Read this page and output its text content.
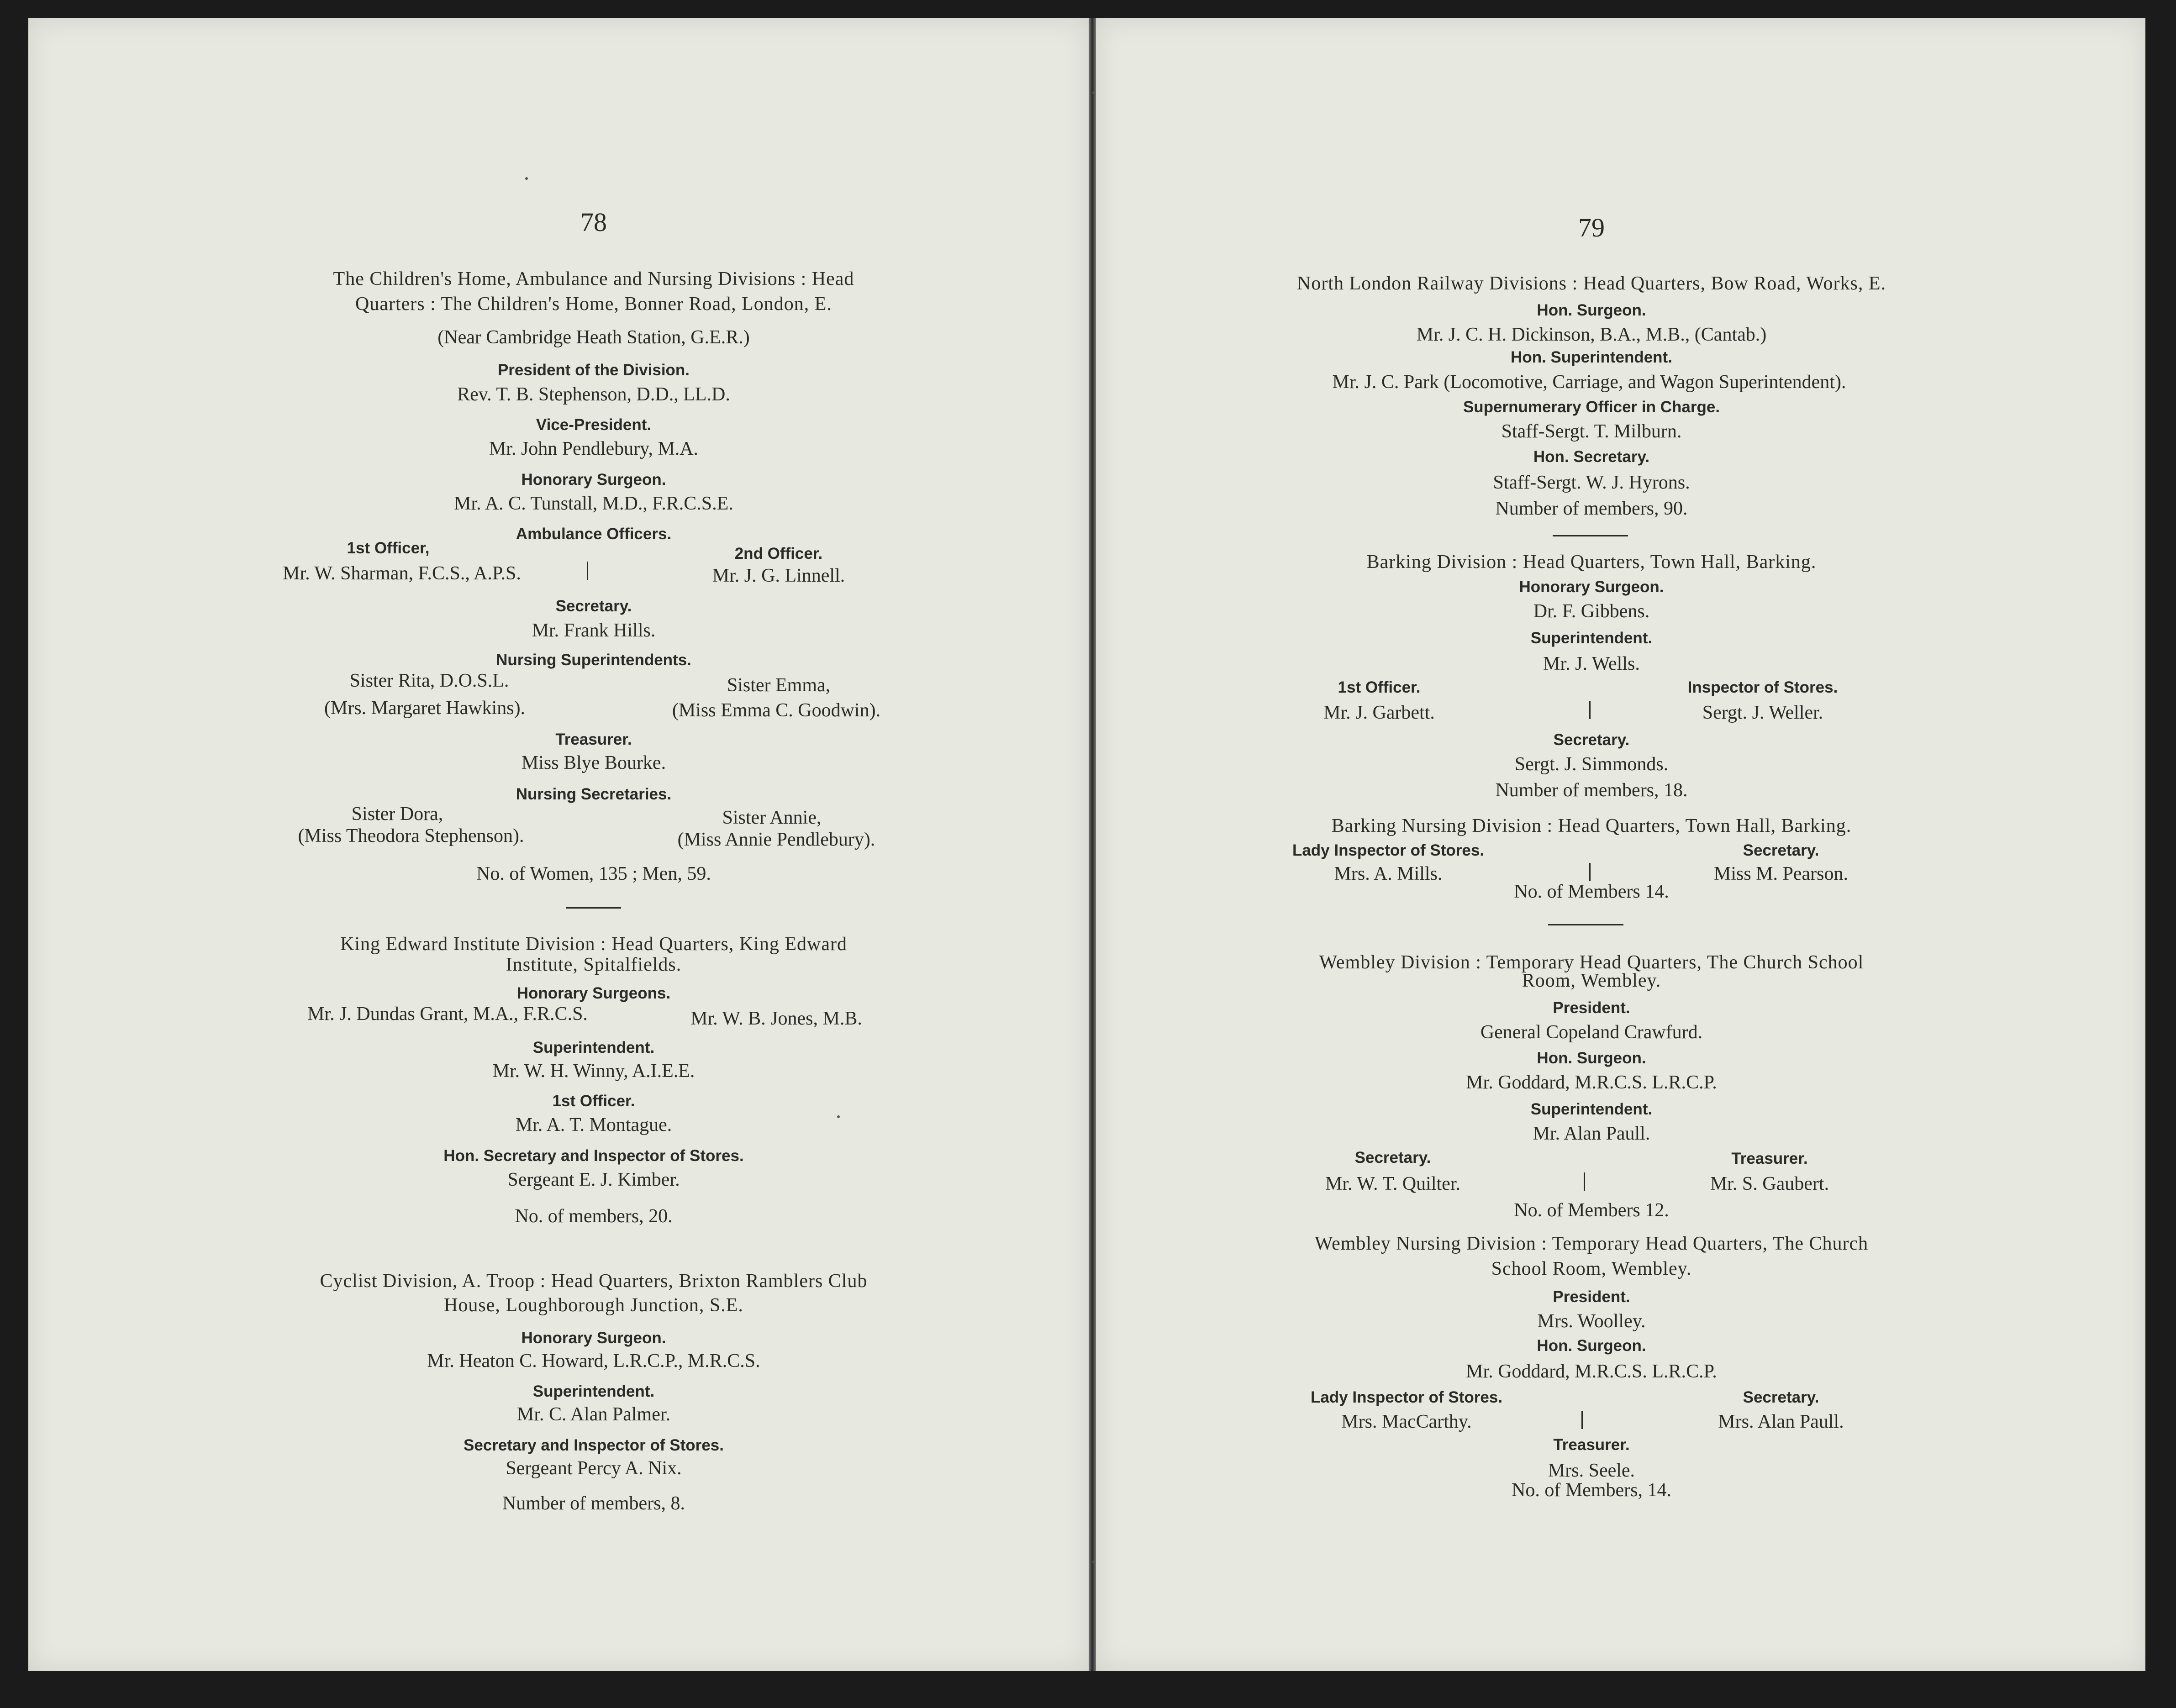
78
The Children's Home, Ambulance and Nursing Divisions : Head
Quarters : The Children's Home, Bonner Road, London, E.
(Near Cambridge Heath Station, G.E.R.)
President of the Division.
Rev. T. B. Stephenson, D.D., LL.D.
Vice-President.
Mr. John Pendlebury, M.A.
Honorary Surgeon.
Mr. A. C. Tunstall, M.D., F.R.C.S.E.
Ambulance Officers.
1st Officer,
Mr. W. Sharman, F.C.S., A.P.S.
2nd Officer.
Mr. J. G. Linnell.
Secretary.
Mr. Frank Hills.
Nursing Superintendents.
Sister Rita, D.O.S.L.
(Mrs. Margaret Hawkins).
Sister Emma,
(Miss Emma C. Goodwin).
Treasurer.
Miss Blye Bourke.
Nursing Secretaries.
Sister Dora,
(Miss Theodora Stephenson).
Sister Annie,
(Miss Annie Pendlebury).
No. of Women, 135 ; Men, 59.
King Edward Institute Division : Head Quarters, King Edward
Institute, Spitalfields.
Honorary Surgeons.
Mr. J. Dundas Grant, M.A., F.R.C.S.	Mr. W. B. Jones, M.B.
Superintendent.
Mr. W. H. Winny, A.I.E.E.
1st Officer.
Mr. A. T. Montague.
Hon. Secretary and Inspector of Stores.
Sergeant E. J. Kimber.
No. of members, 20.
Cyclist Division, A. Troop : Head Quarters, Brixton Ramblers Club
House, Loughborough Junction, S.E.
Honorary Surgeon.
Mr. Heaton C. Howard, L.R.C.P., M.R.C.S.
Superintendent.
Mr. C. Alan Palmer.
Secretary and Inspector of Stores.
Sergeant Percy A. Nix.
Number of members, 8.
79
North London Railway Divisions : Head Quarters, Bow Road, Works, E.
Hon. Surgeon.
Mr. J. C. H. Dickinson, B.A., M.B., (Cantab.)
Hon. Superintendent.
Mr. J. C. Park (Locomotive, Carriage, and Wagon Superintendent).
Supernumerary Officer in Charge.
Staff-Sergt. T. Milburn.
Hon. Secretary.
Staff-Sergt. W. J. Hyrons.
Number of members, 90.
Barking Division : Head Quarters, Town Hall, Barking.
Honorary Surgeon.
Dr. F. Gibbens.
Superintendent.
Mr. J. Wells.
1st Officer.
Mr. J. Garbett.
Inspector of Stores.
Sergt. J. Weller.
Secretary.
Sergt. J. Simmonds.
Number of members, 18.
Barking Nursing Division : Head Quarters, Town Hall, Barking.
Lady Inspector of Stores.
Mrs. A. Mills.
Secretary.
Miss M. Pearson.
No. of Members 14.
Wembley Division : Temporary Head Quarters, The Church School
Room, Wembley.
President.
General Copeland Crawfurd.
Hon. Surgeon.
Mr. Goddard, M.R.C.S. L.R.C.P.
Superintendent.
Mr. Alan Paull.
Secretary.
Mr. W. T. Quilter.
Treasurer.
Mr. S. Gaubert.
No. of Members 12.
Wembley Nursing Division : Temporary Head Quarters, The Church
School Room, Wembley.
President.
Mrs. Woolley.
Hon. Surgeon.
Mr. Goddard, M.R.C.S. L.R.C.P.
Lady Inspector of Stores.
Mrs. MacCarthy.
Secretary.
Mrs. Alan Paull.
Treasurer.
Mrs. Seele.
No. of Members, 14.
